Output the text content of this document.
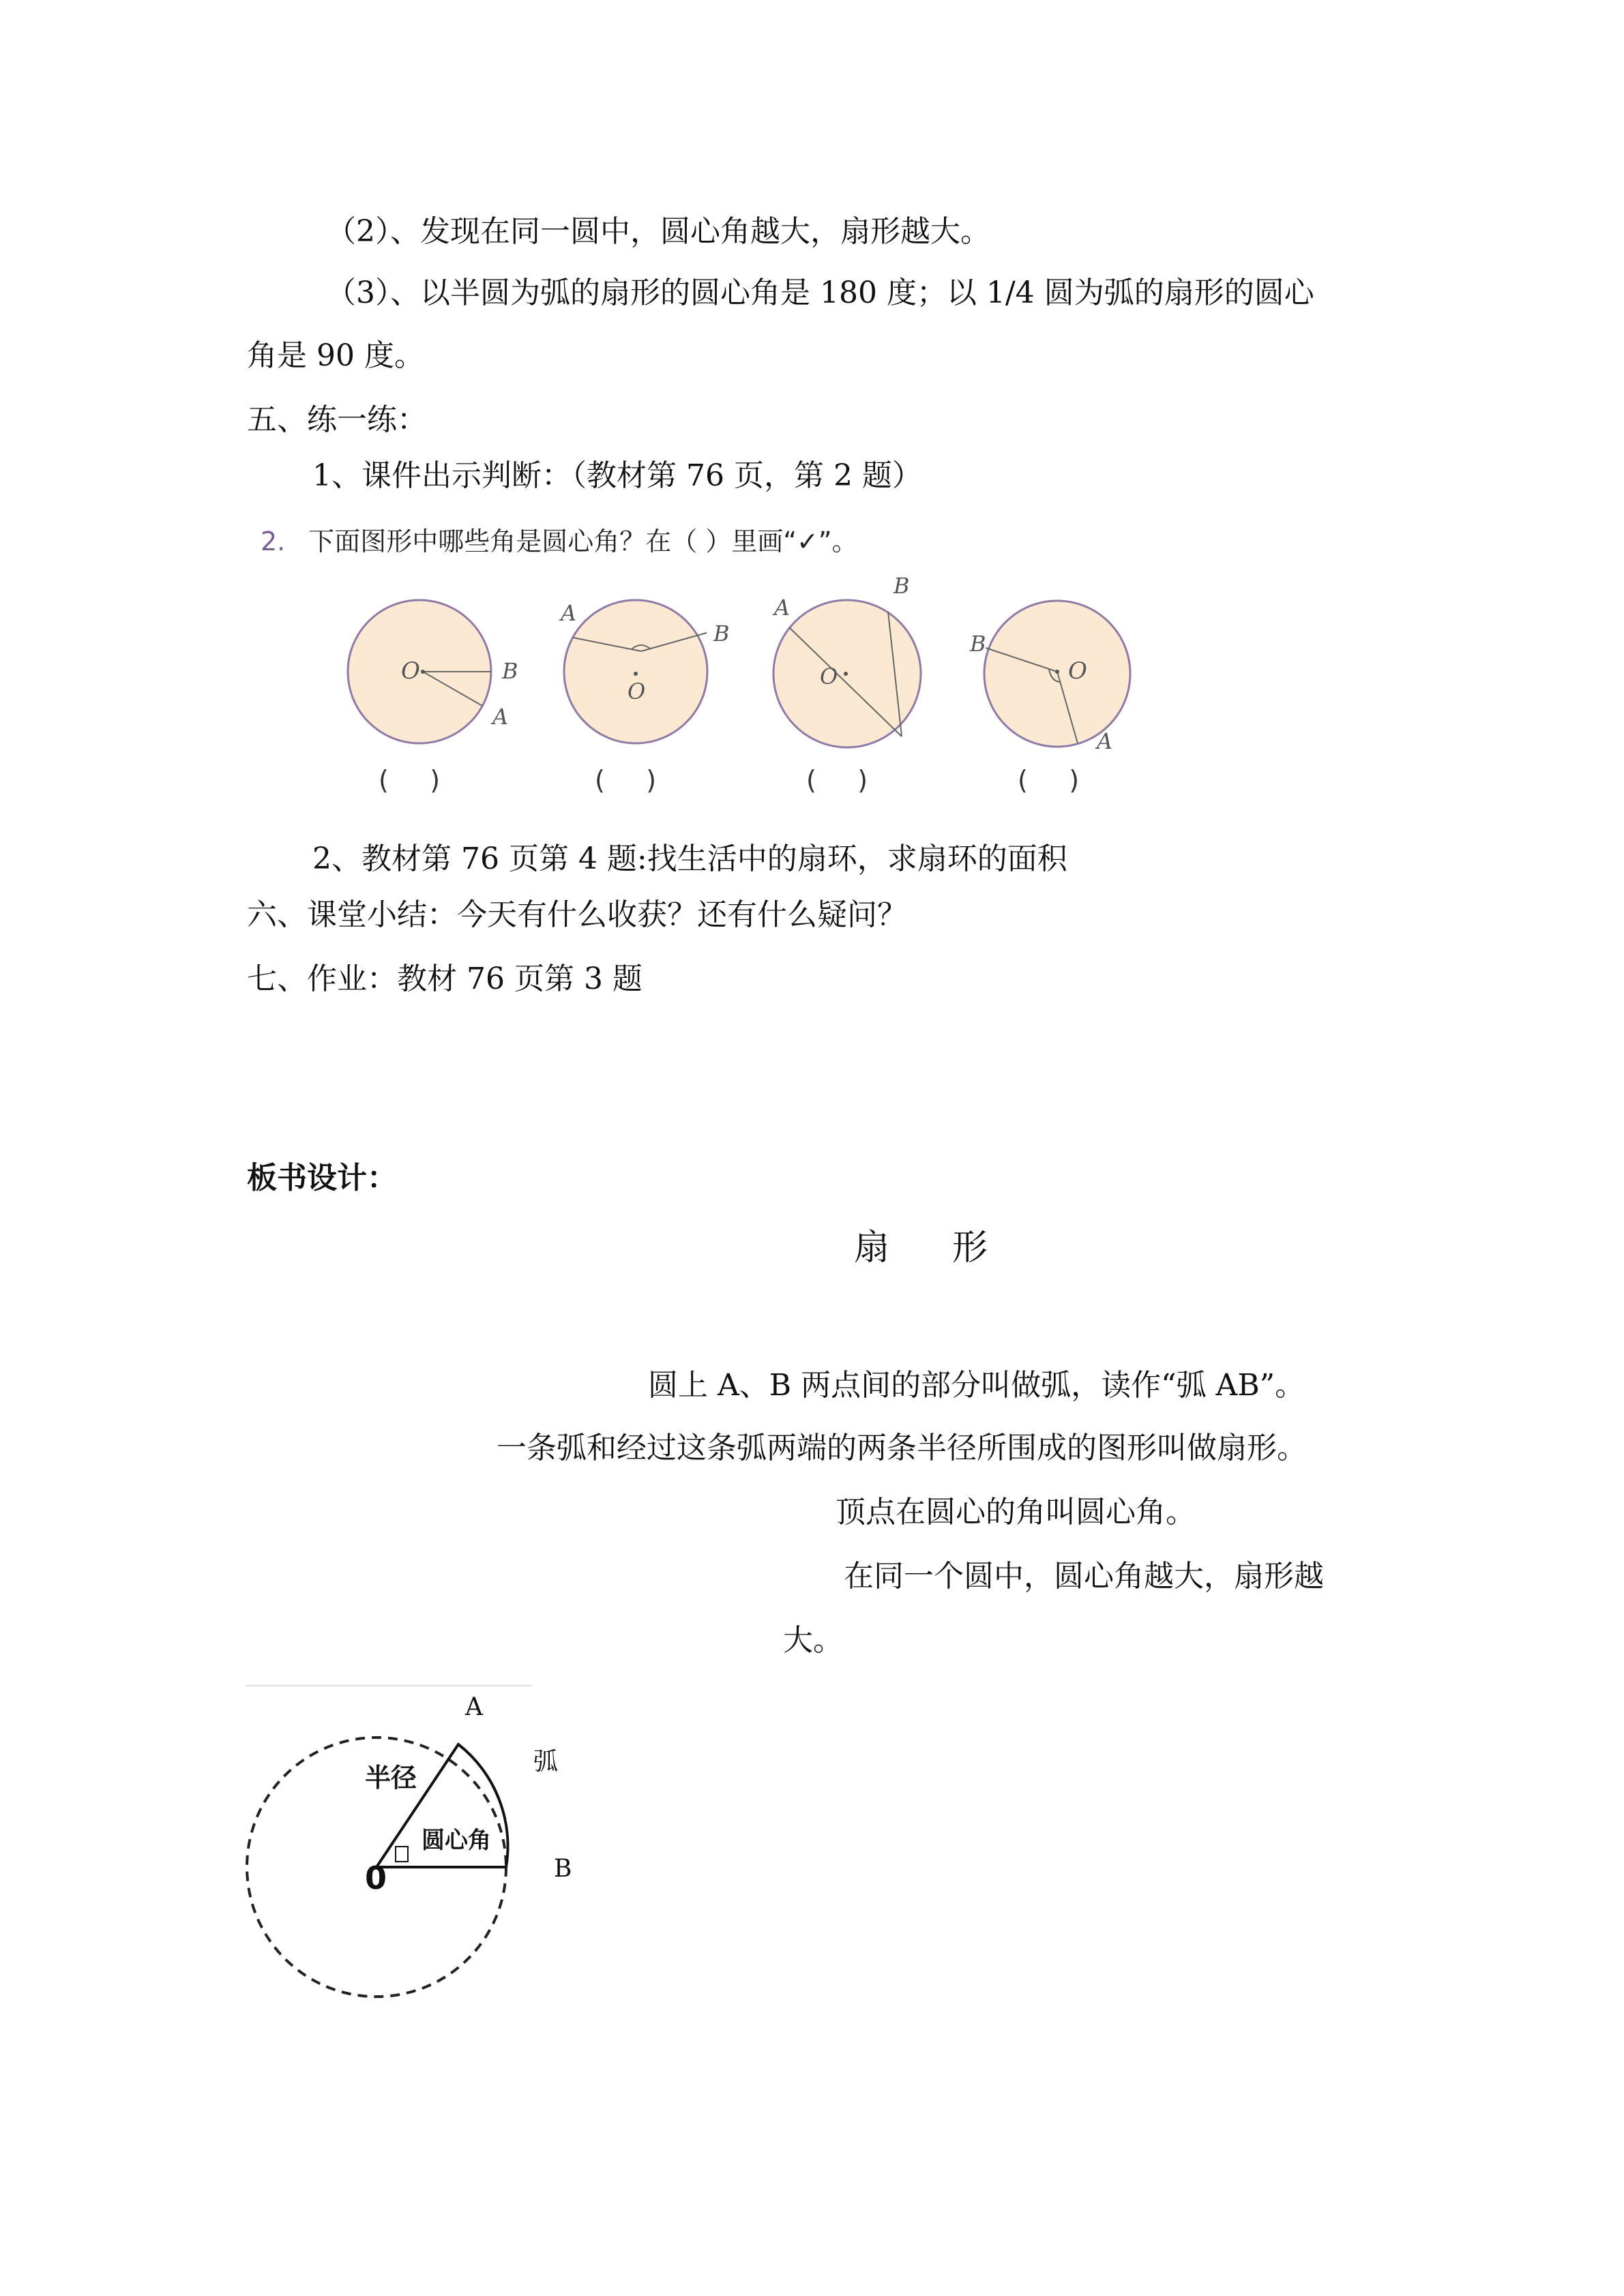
（2）、发现在同一圆中，圆心角越大，扇形越大。
（3）、以半圆为弧的扇形的圆心角是 180 度；以 1/4 圆为弧的扇形的圆心
角是 90 度。
五、练一练：
1、课件出示判断：（教材第 76 页，第 2 题）
2. 下面图形中哪些角是圆心角？在（ ）里画“✓”。
O	B
A
O
A
B
O
A
B
O
B
A
(     )	(     )	(     )	(     )
2、教材第 76 页第 4 题:找生活中的扇环，求扇环的面积
六、课堂小结：今天有什么收获？还有什么疑问？
七、作业：教材 76 页第 3 题
板书设计：
扇 形
圆上 A、B 两点间的部分叫做弧，读作“弧 AB”。
一条弧和经过这条弧两端的两条半径所围成的图形叫做扇形。
顶点在圆心的角叫圆心角。
在同一个圆中，圆心角越大，扇形越
大。
A
弧
B
半径
圆心角
0
